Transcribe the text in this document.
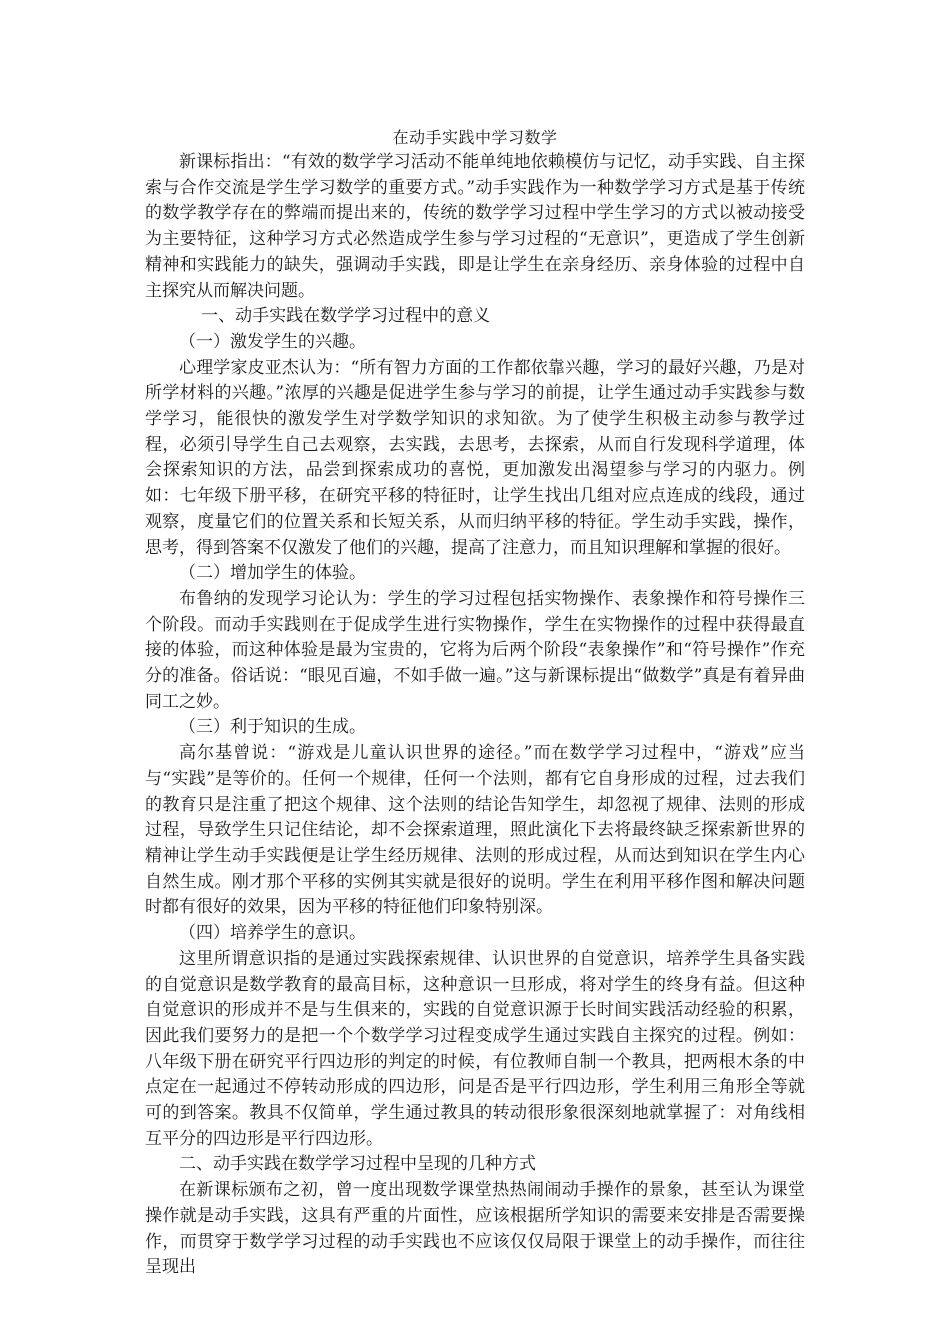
在动手实践中学习数学

新课标指出：“有效的数学学习活动不能单纯地依赖模仿与记忆，动手实践、自主探索与合作交流是学生学习数学的重要方式。”动手实践作为一种数学学习方式是基于传统的数学教学存在的弊端而提出来的，传统的数学学习过程中学生学习的方式以被动接受为主要特征，这种学习方式必然造成学生参与学习过程的“无意识”，更造成了学生创新精神和实践能力的缺失，强调动手实践，即是让学生在亲身经历、亲身体验的过程中自主探究从而解决问题。

一、动手实践在数学学习过程中的意义

（一）激发学生的兴趣。

心理学家皮亚杰认为：“所有智力方面的工作都依靠兴趣，学习的最好兴趣，乃是对所学材料的兴趣。”浓厚的兴趣是促进学生参与学习的前提，让学生通过动手实践参与数学学习，能很快的激发学生对学数学知识的求知欲。为了使学生积极主动参与教学过程，必须引导学生自己去观察，去实践，去思考，去探索，从而自行发现科学道理，体会探索知识的方法，品尝到探索成功的喜悦，更加激发出渴望参与学习的内驱力。例如：七年级下册平移，在研究平移的特征时，让学生找出几组对应点连成的线段，通过观察，度量它们的位置关系和长短关系，从而归纳平移的特征。学生动手实践，操作，思考，得到答案不仅激发了他们的兴趣，提高了注意力，而且知识理解和掌握的很好。

（二）增加学生的体验。

布鲁纳的发现学习论认为：学生的学习过程包括实物操作、表象操作和符号操作三个阶段。而动手实践则在于促成学生进行实物操作，学生在实物操作的过程中获得最直接的体验，而这种体验是最为宝贵的，它将为后两个阶段“表象操作”和“符号操作”作充分的准备。俗话说：“眼见百遍，不如手做一遍。”这与新课标提出“做数学”真是有着异曲同工之妙。

（三）利于知识的生成。

高尔基曾说：“游戏是儿童认识世界的途径。”而在数学学习过程中，“游戏”应当与“实践”是等价的。任何一个规律，任何一个法则，都有它自身形成的过程，过去我们的教育只是注重了把这个规律、这个法则的结论告知学生，却忽视了规律、法则的形成过程，导致学生只记住结论，却不会探索道理，照此演化下去将最终缺乏探索新世界的精神让学生动手实践便是让学生经历规律、法则的形成过程，从而达到知识在学生内心自然生成。刚才那个平移的实例其实就是很好的说明。学生在利用平移作图和解决问题时都有很好的效果，因为平移的特征他们印象特别深。

（四）培养学生的意识。

这里所谓意识指的是通过实践探索规律、认识世界的自觉意识，培养学生具备实践的自觉意识是数学教育的最高目标，这种意识一旦形成，将对学生的终身有益。但这种自觉意识的形成并不是与生俱来的，实践的自觉意识源于长时间实践活动经验的积累，因此我们要努力的是把一个个数学学习过程变成学生通过实践自主探究的过程。例如：八年级下册在研究平行四边形的判定的时候，有位教师自制一个教具，把两根木条的中点定在一起通过不停转动形成的四边形，问是否是平行四边形，学生利用三角形全等就可的到答案。教具不仅简单，学生通过教具的转动很形象很深刻地就掌握了：对角线相互平分的四边形是平行四边形。

二、动手实践在数学学习过程中呈现的几种方式

在新课标颁布之初，曾一度出现数学课堂热热闹闹动手操作的景象，甚至认为课堂操作就是动手实践，这具有严重的片面性，应该根据所学知识的需要来安排是否需要操作，而贯穿于数学学习过程的动手实践也不应该仅仅局限于课堂上的动手操作，而往往呈现出
